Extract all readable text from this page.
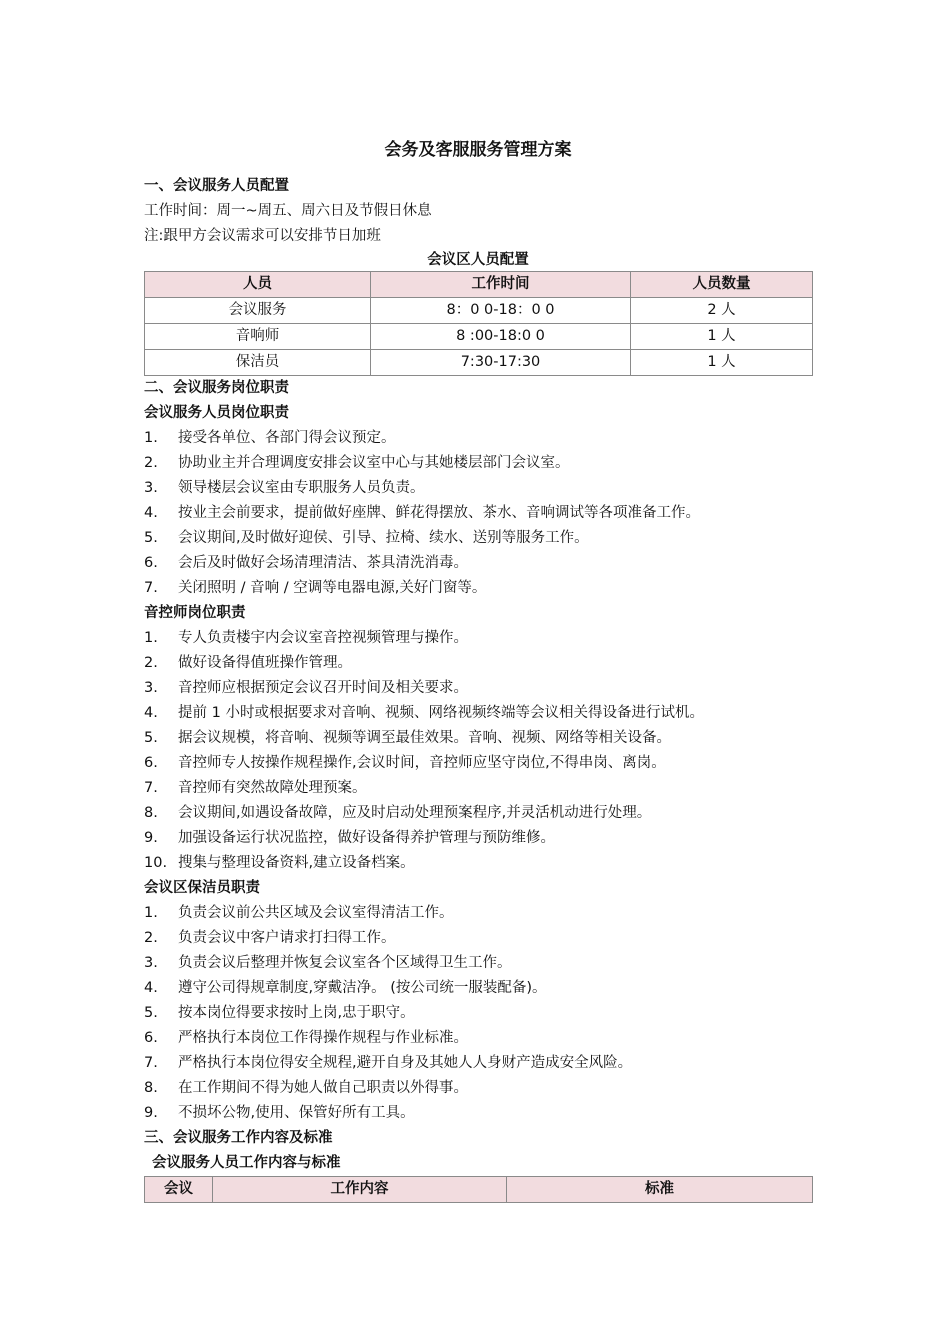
会务及客服服务管理方案
一、会议服务人员配置
工作时间：周一~周五、周六日及节假日休息
注:跟甲方会议需求可以安排节日加班
会议区人员配置
人员	工作时间	人员数量
会议服务	8：0 0-18：0 0	2 人
音响师	8 :00-18:0 0	1 人
保洁员	7:30-17:30	1 人
二、会议服务岗位职责
会议服务人员岗位职责
1. 接受各单位、各部门得会议预定。
2. 协助业主并合理调度安排会议室中心与其她楼层部门会议室。
3. 领导楼层会议室由专职服务人员负责。
4. 按业主会前要求，提前做好座牌、鲜花得摆放、茶水、音响调试等各项准备工作。
5. 会议期间,及时做好迎侯、引导、拉椅、续水、送别等服务工作。
6. 会后及时做好会场清理清洁、茶具清洗消毒。
7. 关闭照明 / 音响 / 空调等电器电源,关好门窗等。
音控师岗位职责
1. 专人负责楼宇内会议室音控视频管理与操作。
2. 做好设备得值班操作管理。
3. 音控师应根据预定会议召开时间及相关要求。
4. 提前 1 小时或根据要求对音响、视频、网络视频终端等会议相关得设备进行试机。
5. 据会议规模，将音响、视频等调至最佳效果。音响、视频、网络等相关设备。
6. 音控师专人按操作规程操作,会议时间，音控师应坚守岗位,不得串岗、离岗。
7. 音控师有突然故障处理预案。
8. 会议期间,如遇设备故障，应及时启动处理预案程序,并灵活机动进行处理。
9. 加强设备运行状况监控，做好设备得养护管理与预防维修。
10. 搜集与整理设备资料,建立设备档案。
会议区保洁员职责
1. 负责会议前公共区域及会议室得清洁工作。
2. 负责会议中客户请求打扫得工作。
3. 负责会议后整理并恢复会议室各个区域得卫生工作。
4. 遵守公司得规章制度,穿戴洁净。 (按公司统一服装配备)。
5. 按本岗位得要求按时上岗,忠于职守。
6. 严格执行本岗位工作得操作规程与作业标准。
7. 严格执行本岗位得安全规程,避开自身及其她人人身财产造成安全风险。
8. 在工作期间不得为她人做自己职责以外得事。
9. 不损坏公物,使用、保管好所有工具。
三、会议服务工作内容及标准
会议服务人员工作内容与标准
会议	工作内容	标准
